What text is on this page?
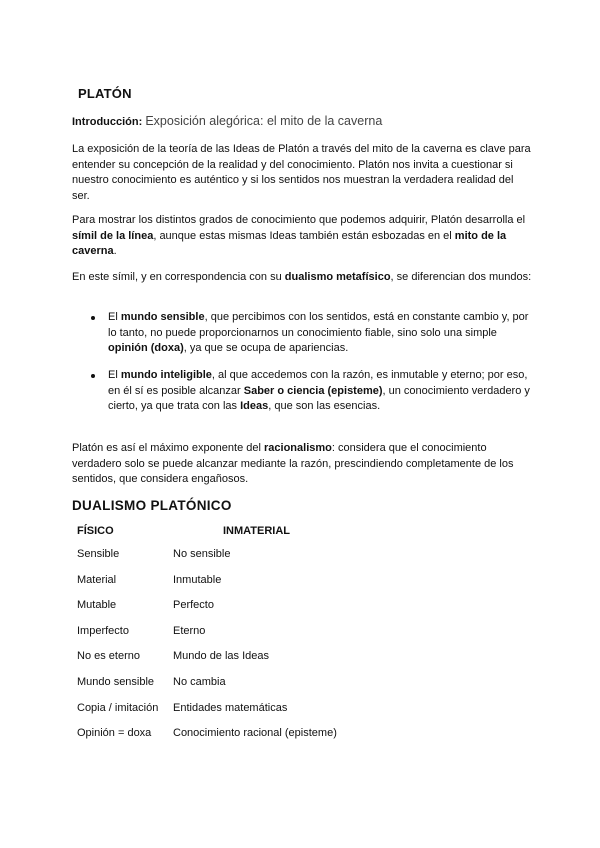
PLATÓN
Introducción: Exposición alegórica: el mito de la caverna

La exposición de la teoría de las Ideas de Platón a través del mito de la caverna es clave para entender su concepción de la realidad y del conocimiento. Platón nos invita a cuestionar si nuestro conocimiento es auténtico y si los sentidos nos muestran la verdadera realidad del ser.

Para mostrar los distintos grados de conocimiento que podemos adquirir, Platón desarrolla el símil de la línea, aunque estas mismas Ideas también están esbozadas en el mito de la caverna.

En este símil, y en correspondencia con su dualismo metafísico, se diferencian dos mundos:

El mundo sensible, que percibimos con los sentidos, está en constante cambio y, por lo tanto, no puede proporcionarnos un conocimiento fiable, sino solo una simple opinión (doxa), ya que se ocupa de apariencias.
El mundo inteligible, al que accedemos con la razón, es inmutable y eterno; por eso, en él sí es posible alcanzar Saber o ciencia (episteme), un conocimiento verdadero y cierto, ya que trata con las Ideas, que son las esencias.

Platón es así el máximo exponente del racionalismo: considera que el conocimiento verdadero solo se puede alcanzar mediante la razón, prescindiendo completamente de los sentidos, que considera engañosos.

DUALISMO PLATÓNICO
FÍSICO	INMATERIAL
Sensible	No sensible
Material	Inmutable
Mutable	Perfecto
Imperfecto	Eterno
No es eterno	Mundo de las Ideas
Mundo sensible	No cambia
Copia / imitación	Entidades matemáticas
Opinión = doxa	Conocimiento racional (episteme)
